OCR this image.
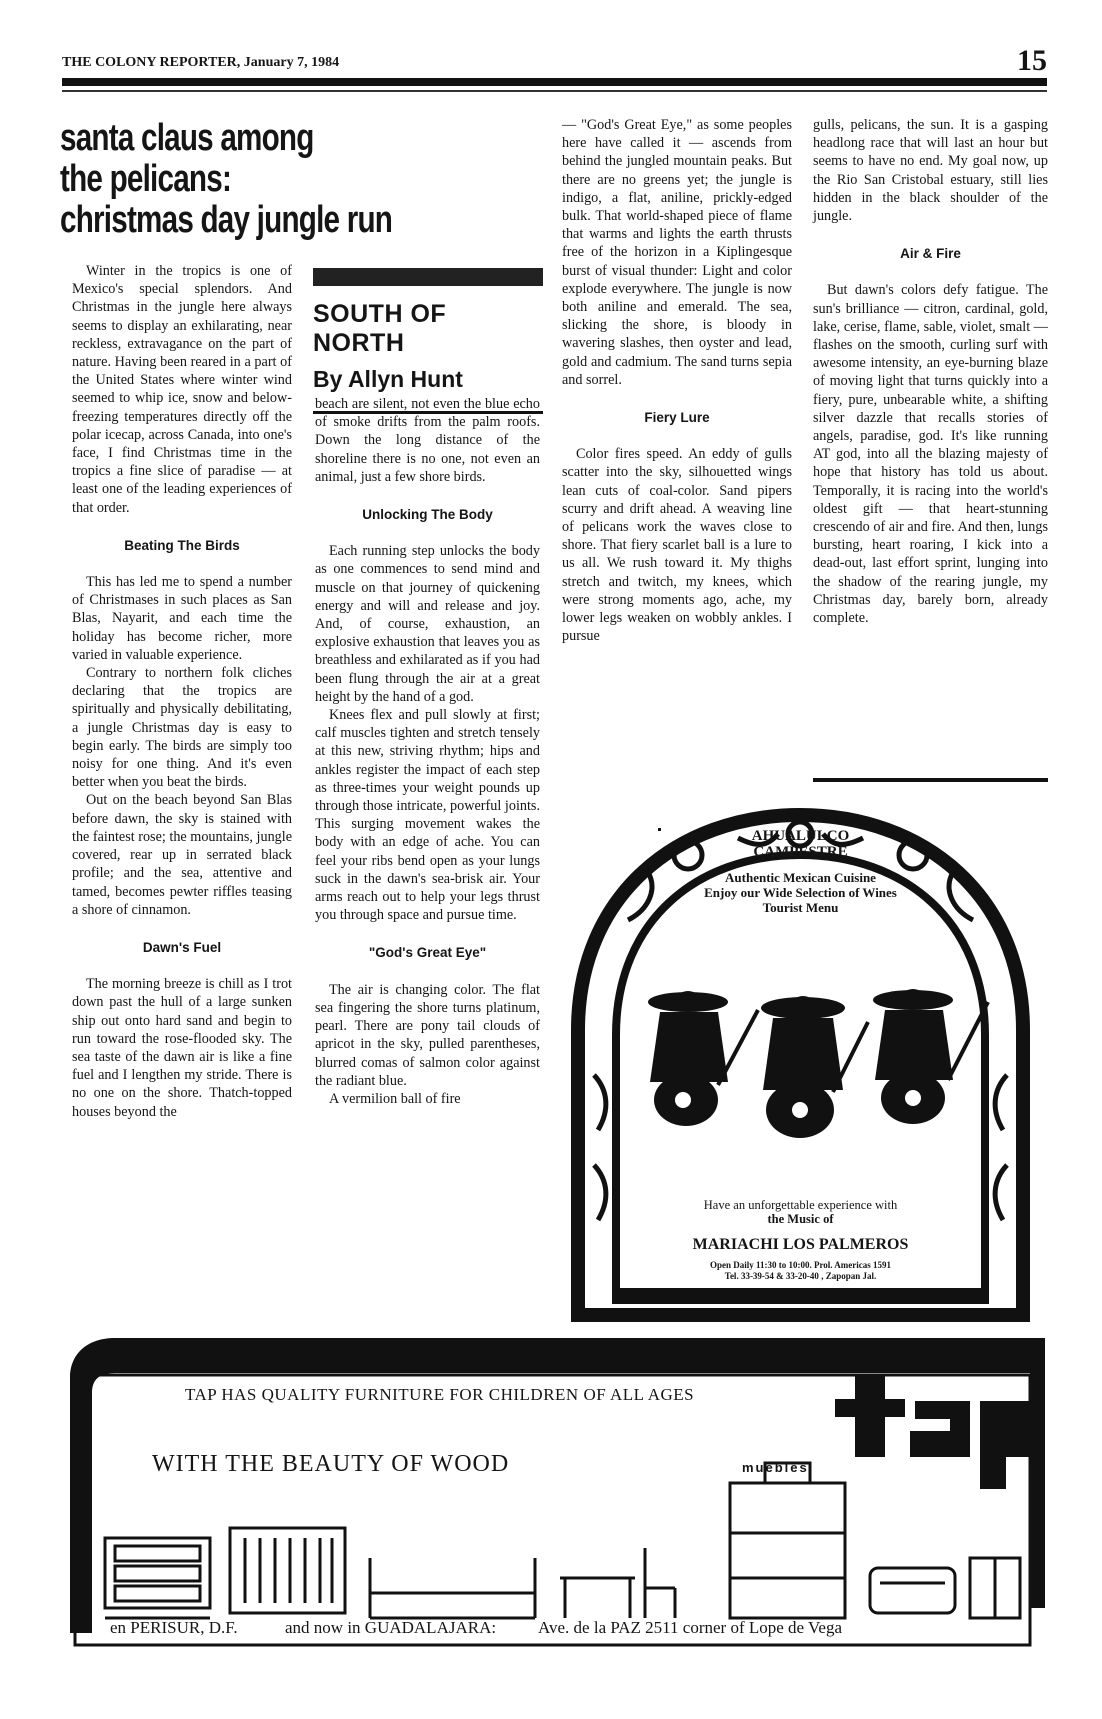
THE COLONY REPORTER, January 7, 1984	15
santa claus among
the pelicans:
christmas day jungle run

Winter in the tropics is one of Mexico's special splendors. And Christmas in the jungle here always seems to display an exhilarating, near reckless, extravagance on the part of nature. Having been reared in a part of the United States where winter wind seemed to whip ice, snow and below-freezing temperatures directly off the polar icecap, across Canada, into one's face, I find Christmas time in the tropics a fine slice of paradise — at least one of the leading experiences of that order.

Beating The Birds

This has led me to spend a number of Christmases in such places as San Blas, Nayarit, and each time the holiday has become richer, more varied in valuable experience.

Contrary to northern folk cliches declaring that the tropics are spiritually and physically debilitating, a jungle Christmas day is easy to begin early. The birds are simply too noisy for one thing. And it's even better when you beat the birds.

Out on the beach beyond San Blas before dawn, the sky is stained with the faintest rose; the mountains, jungle covered, rear up in serrated black profile; and the sea, attentive and tamed, becomes pewter riffles teasing a shore of cinnamon.

Dawn's Fuel

The morning breeze is chill as I trot down past the hull of a large sunken ship out onto hard sand and begin to run toward the rose-flooded sky. The sea taste of the dawn air is like a fine fuel and I lengthen my stride. There is no one on the shore. Thatch-topped houses beyond the

SOUTH OF NORTH
By Allyn Hunt

beach are silent, not even the blue echo of smoke drifts from the palm roofs. Down the long distance of the shoreline there is no one, not even an animal, just a few shore birds.

Unlocking The Body

Each running step unlocks the body as one commences to send mind and muscle on that journey of quickening energy and will and release and joy. And, of course, exhaustion, an explosive exhaustion that leaves you as breathless and exhilarated as if you had been flung through the air at a great height by the hand of a god.

Knees flex and pull slowly at first; calf muscles tighten and stretch tensely at this new, striving rhythm; hips and ankles register the impact of each step as three-times your weight pounds up through those intricate, powerful joints. This surging movement wakes the body with an edge of ache. You can feel your ribs bend open as your lungs suck in the dawn's sea-brisk air. Your arms reach out to help your legs thrust you through space and pursue time.

"God's Great Eye"

The air is changing color. The flat sea fingering the shore turns platinum, pearl. There are pony tail clouds of apricot in the sky, pulled parentheses, blurred comas of salmon color against the radiant blue.

A vermilion ball of fire

— "God's Great Eye," as some peoples here have called it — ascends from behind the jungled mountain peaks. But there are no greens yet; the jungle is indigo, a flat, aniline, prickly-edged bulk. That world-shaped piece of flame that warms and lights the earth thrusts free of the horizon in a Kiplingesque burst of visual thunder: Light and color explode everywhere. The jungle is now both aniline and emerald. The sea, slicking the shore, is bloody in wavering slashes, then oyster and lead, gold and cadmium. The sand turns sepia and sorrel.

Fiery Lure

Color fires speed. An eddy of gulls scatter into the sky, silhouetted wings lean cuts of coal-color. Sand pipers scurry and drift ahead. A weaving line of pelicans work the waves close to shore. That fiery scarlet ball is a lure to us all. We rush toward it. My thighs stretch and twitch, my knees, which were strong moments ago, ache, my lower legs weaken on wobbly ankles. I pursue

gulls, pelicans, the sun. It is a gasping headlong race that will last an hour but seems to have no end. My goal now, up the Rio San Cristobal estuary, still lies hidden in the black shoulder of the jungle.

Air & Fire

But dawn's colors defy fatigue. The sun's brilliance — citron, cardinal, gold, lake, cerise, flame, sable, violet, smalt — flashes on the smooth, curling surf with awesome intensity, an eye-burning blaze of moving light that turns quickly into a fiery, pure, unbearable white, a shifting silver dazzle that recalls stories of angels, paradise, god. It's like running AT god, into all the blazing majesty of hope that history has told us about. Temporally, it is racing into the world's oldest gift — that heart-stunning crescendo of air and fire. And then, lungs bursting, heart roaring, I kick into a dead-out, last effort sprint, lunging into the shadow of the rearing jungle, my Christmas day, barely born, already complete.

AHUALULCO
CAMPESTRE
Authentic Mexican Cuisine
Enjoy our Wide Selection of Wines
Tourist Menu
Have an unforgettable experience with
the Music of
MARIACHI LOS PALMEROS
Open Daily 11:30 to 10:00. Prol. Americas 1591
Tel. 33-39-54 & 33-20-40 , Zapopan Jal.
TAP HAS QUALITY FURNITURE FOR CHILDREN OF ALL AGES
WITH THE BEAUTY OF WOOD	muebles
en PERISUR, D.F.	and now in GUADALAJARA: Ave. de la PAZ 2511 corner of Lope de Vega
